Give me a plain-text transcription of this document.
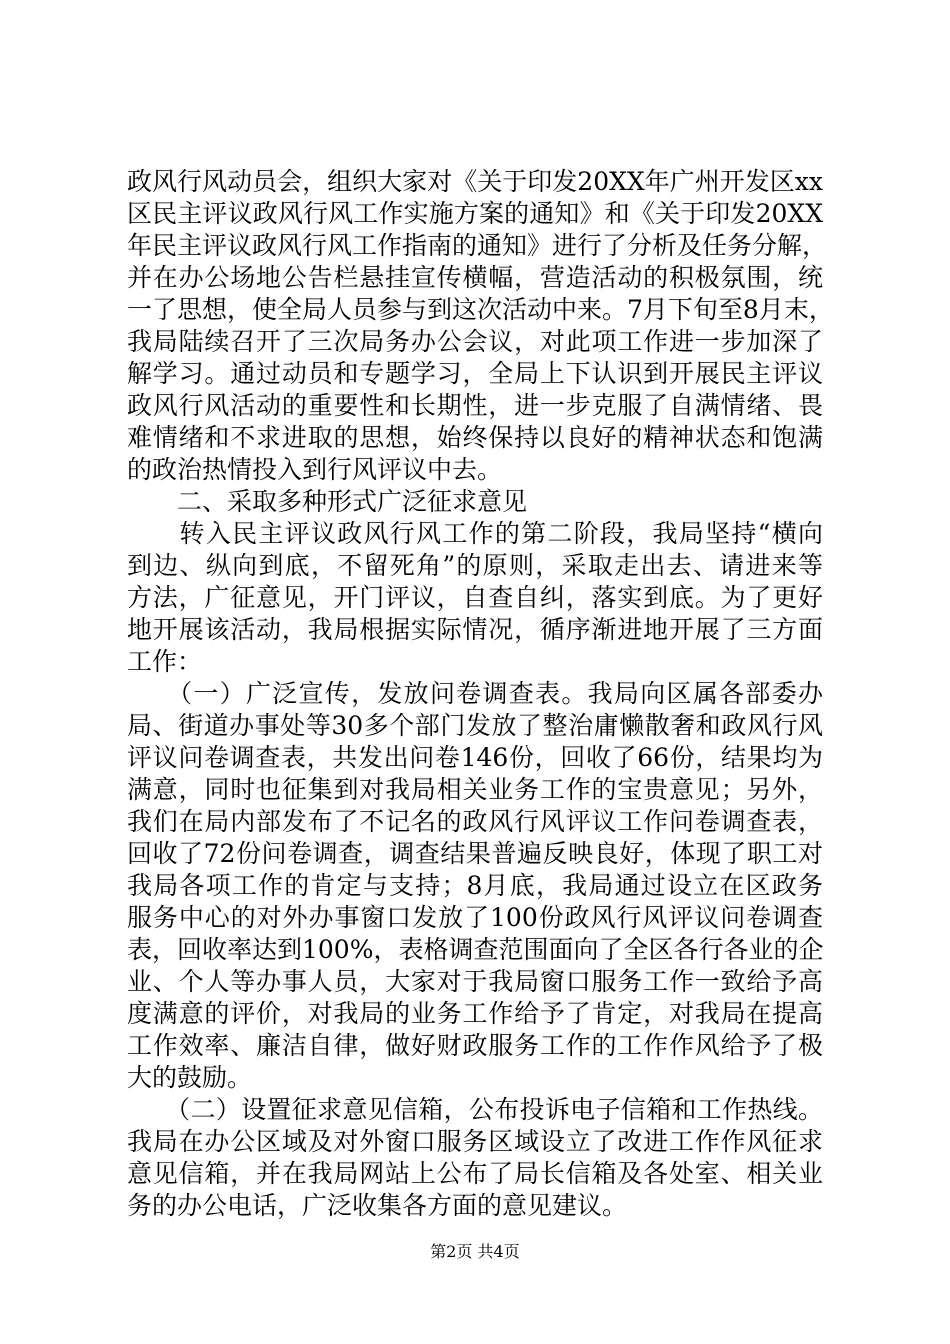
政风行风动员会，组织大家对《关于印发20XX年广州开发区xx
区民主评议政风行风工作实施方案的通知》和《关于印发20XX
年民主评议政风行风工作指南的通知》进行了分析及任务分解，
并在办公场地公告栏悬挂宣传横幅，营造活动的积极氛围，统
一了思想，使全局人员参与到这次活动中来。7月下旬至8月末，
我局陆续召开了三次局务办公会议，对此项工作进一步加深了
解学习。通过动员和专题学习，全局上下认识到开展民主评议
政风行风活动的重要性和长期性，进一步克服了自满情绪、畏
难情绪和不求进取的思想，始终保持以良好的精神状态和饱满
的政治热情投入到行风评议中去。
　　二、采取多种形式广泛征求意见
　　转入民主评议政风行风工作的第二阶段，我局坚持“横向
到边、纵向到底，不留死角”的原则，采取走出去、请进来等
方法，广征意见，开门评议，自查自纠，落实到底。为了更好
地开展该活动，我局根据实际情况，循序渐进地开展了三方面
工作：
　　（一）广泛宣传，发放问卷调查表。我局向区属各部委办
局、街道办事处等30多个部门发放了整治庸懒散奢和政风行风
评议问卷调查表，共发出问卷146份，回收了66份，结果均为
满意，同时也征集到对我局相关业务工作的宝贵意见；另外，
我们在局内部发布了不记名的政风行风评议工作问卷调查表，
回收了72份问卷调查，调查结果普遍反映良好，体现了职工对
我局各项工作的肯定与支持；8月底，我局通过设立在区政务
服务中心的对外办事窗口发放了100份政风行风评议问卷调查
表，回收率达到100%，表格调查范围面向了全区各行各业的企
业、个人等办事人员，大家对于我局窗口服务工作一致给予高
度满意的评价，对我局的业务工作给予了肯定，对我局在提高
工作效率、廉洁自律，做好财政服务工作的工作作风给予了极
大的鼓励。
　　（二）设置征求意见信箱，公布投诉电子信箱和工作热线。
我局在办公区域及对外窗口服务区域设立了改进工作作风征求
意见信箱，并在我局网站上公布了局长信箱及各处室、相关业
务的办公电话，广泛收集各方面的意见建议。
第2页 共4页
